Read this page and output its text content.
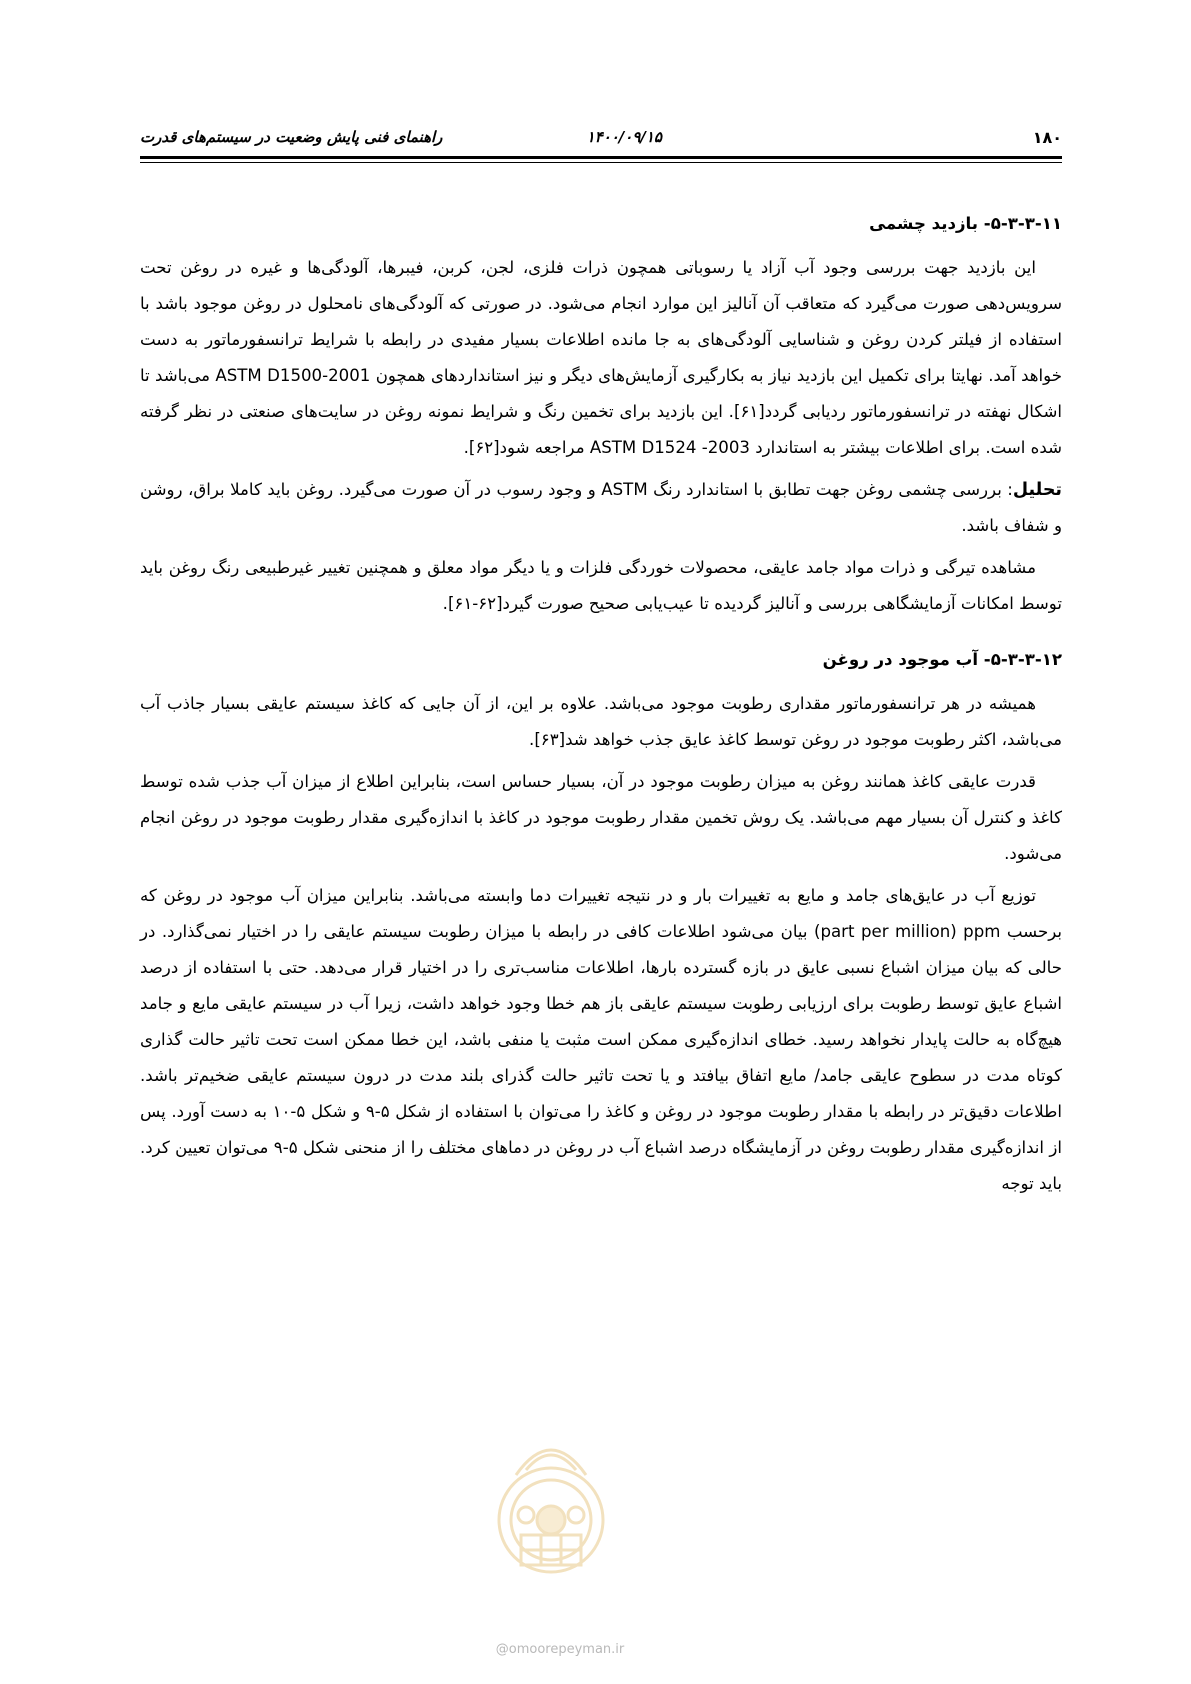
۱۸۰
۱۴۰۰/۰۹/۱۵
راهنمای فنی پایش وضعیت در سیستم‌های قدرت
۵-۳-۳-۱۱- بازدید چشمی

این بازدید جهت بررسی وجود آب آزاد یا رسوباتی همچون ذرات فلزی، لجن، کربن، فیبرها، آلودگی‌ها و غیره در روغن تحت سرویس‌دهی صورت می‌گیرد که متعاقب آن آنالیز این موارد انجام می‌شود. در صورتی که آلودگی‌های نامحلول در روغن موجود باشد با استفاده از فیلتر کردن روغن و شناسایی آلودگی‌های به جا مانده اطلاعات بسیار مفیدی در رابطه با شرایط ترانسفورماتور به دست خواهد آمد. نهایتا برای تکمیل این بازدید نیاز به بکارگیری آزمایش‌های دیگر و نیز استانداردهای همچون ASTM D1500-2001 می‌باشد تا اشکال نهفته در ترانسفورماتور ردیابی گردد[۶۱]. این بازدید برای تخمین رنگ و شرایط نمونه روغن در سایت‌های صنعتی در نظر گرفته شده است. برای اطلاعات بیشتر به استاندارد ASTM D1524 -2003 مراجعه شود[۶۲].

تحلیل: بررسی چشمی روغن جهت تطابق با استاندارد رنگ ASTM و وجود رسوب در آن صورت می‌گیرد. روغن باید کاملا براق، روشن و شفاف باشد.

مشاهده تیرگی و ذرات مواد جامد عایقی، محصولات خوردگی فلزات و یا دیگر مواد معلق و همچنین تغییر غیرطبیعی رنگ روغن باید توسط امکانات آزمایشگاهی بررسی و آنالیز گردیده تا عیب‌یابی صحیح صورت گیرد[۶۲-۶۱].

۵-۳-۳-۱۲- آب موجود در روغن

همیشه در هر ترانسفورماتور مقداری رطوبت موجود می‌باشد. علاوه بر این، از آن جایی که کاغذ سیستم عایقی بسیار جاذب آب می‌باشد، اکثر رطوبت موجود در روغن توسط کاغذ عایق جذب خواهد شد[۶۳].

قدرت عایقی کاغذ همانند روغن به میزان رطوبت موجود در آن، بسیار حساس است، بنابراین اطلاع از میزان آب جذب شده توسط کاغذ و کنترل آن بسیار مهم می‌باشد. یک روش تخمین مقدار رطوبت موجود در کاغذ با اندازه‌گیری مقدار رطوبت موجود در روغن انجام می‌شود.

توزیع آب در عایق‌های جامد و مایع به تغییرات بار و در نتیجه تغییرات دما وابسته می‌باشد. بنابراین میزان آب موجود در روغن که برحسب part per million) ppm) بیان می‌شود اطلاعات کافی در رابطه با میزان رطوبت سیستم عایقی را در اختیار نمی‌گذارد. در حالی که بیان میزان اشباع نسبی عایق در بازه گسترده بارها، اطلاعات مناسب‌تری را در اختیار قرار می‌دهد. حتی با استفاده از درصد اشباع عایق توسط رطوبت برای ارزیابی رطوبت سیستم عایقی باز هم خطا وجود خواهد داشت، زیرا آب در سیستم عایقی مایع و جامد هیچ‌گاه به حالت پایدار نخواهد رسید. خطای اندازه‌گیری ممکن است مثبت یا منفی باشد، این خطا ممکن است تحت تاثیر حالت گذاری کوتاه مدت در سطوح عایقی جامد/ مایع اتفاق بیافتد و یا تحت تاثیر حالت گذرای بلند مدت در درون سیستم عایقی ضخیم‌تر باشد. اطلاعات دقیق‌تر در رابطه با مقدار رطوبت موجود در روغن و کاغذ را می‌توان با استفاده از شکل ۵-۹ و شکل ۵-۱۰ به دست آورد. پس از اندازه‌گیری مقدار رطوبت روغن در آزمایشگاه درصد اشباع آب در روغن در دماهای مختلف را از منحنی شکل ۵-۹ می‌توان تعیین کرد. باید توجه

@omoorepeyman.ir
